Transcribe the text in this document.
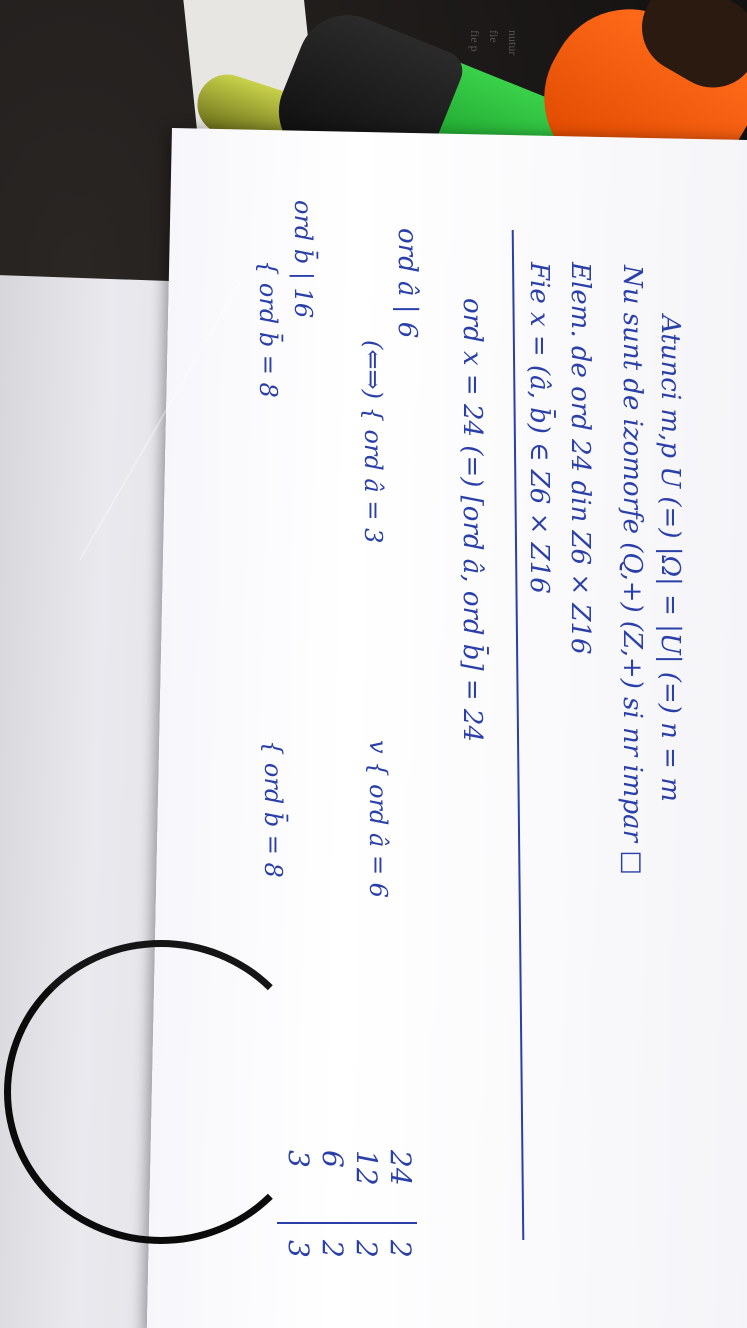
nutur
fie
fie p
Atunci m,p U (=) |Ω| = |U| (=) n = m
Nu sunt de izomorfe (Q,+) (Z,+) si nr impar □
Elem. de ord 24 din Z6 × Z16
Fie x = (â, b̄) ∈ Z6 × Z16
ord x = 24 (=) [ord â, ord b̄] = 24
ord â | 6
ord b̄ | 16
(⇐⇒) { ord â = 3
v { ord â = 6
{ ord b̄ = 8
{ ord b̄ = 8
24
12
6
3
2
2
2
3
